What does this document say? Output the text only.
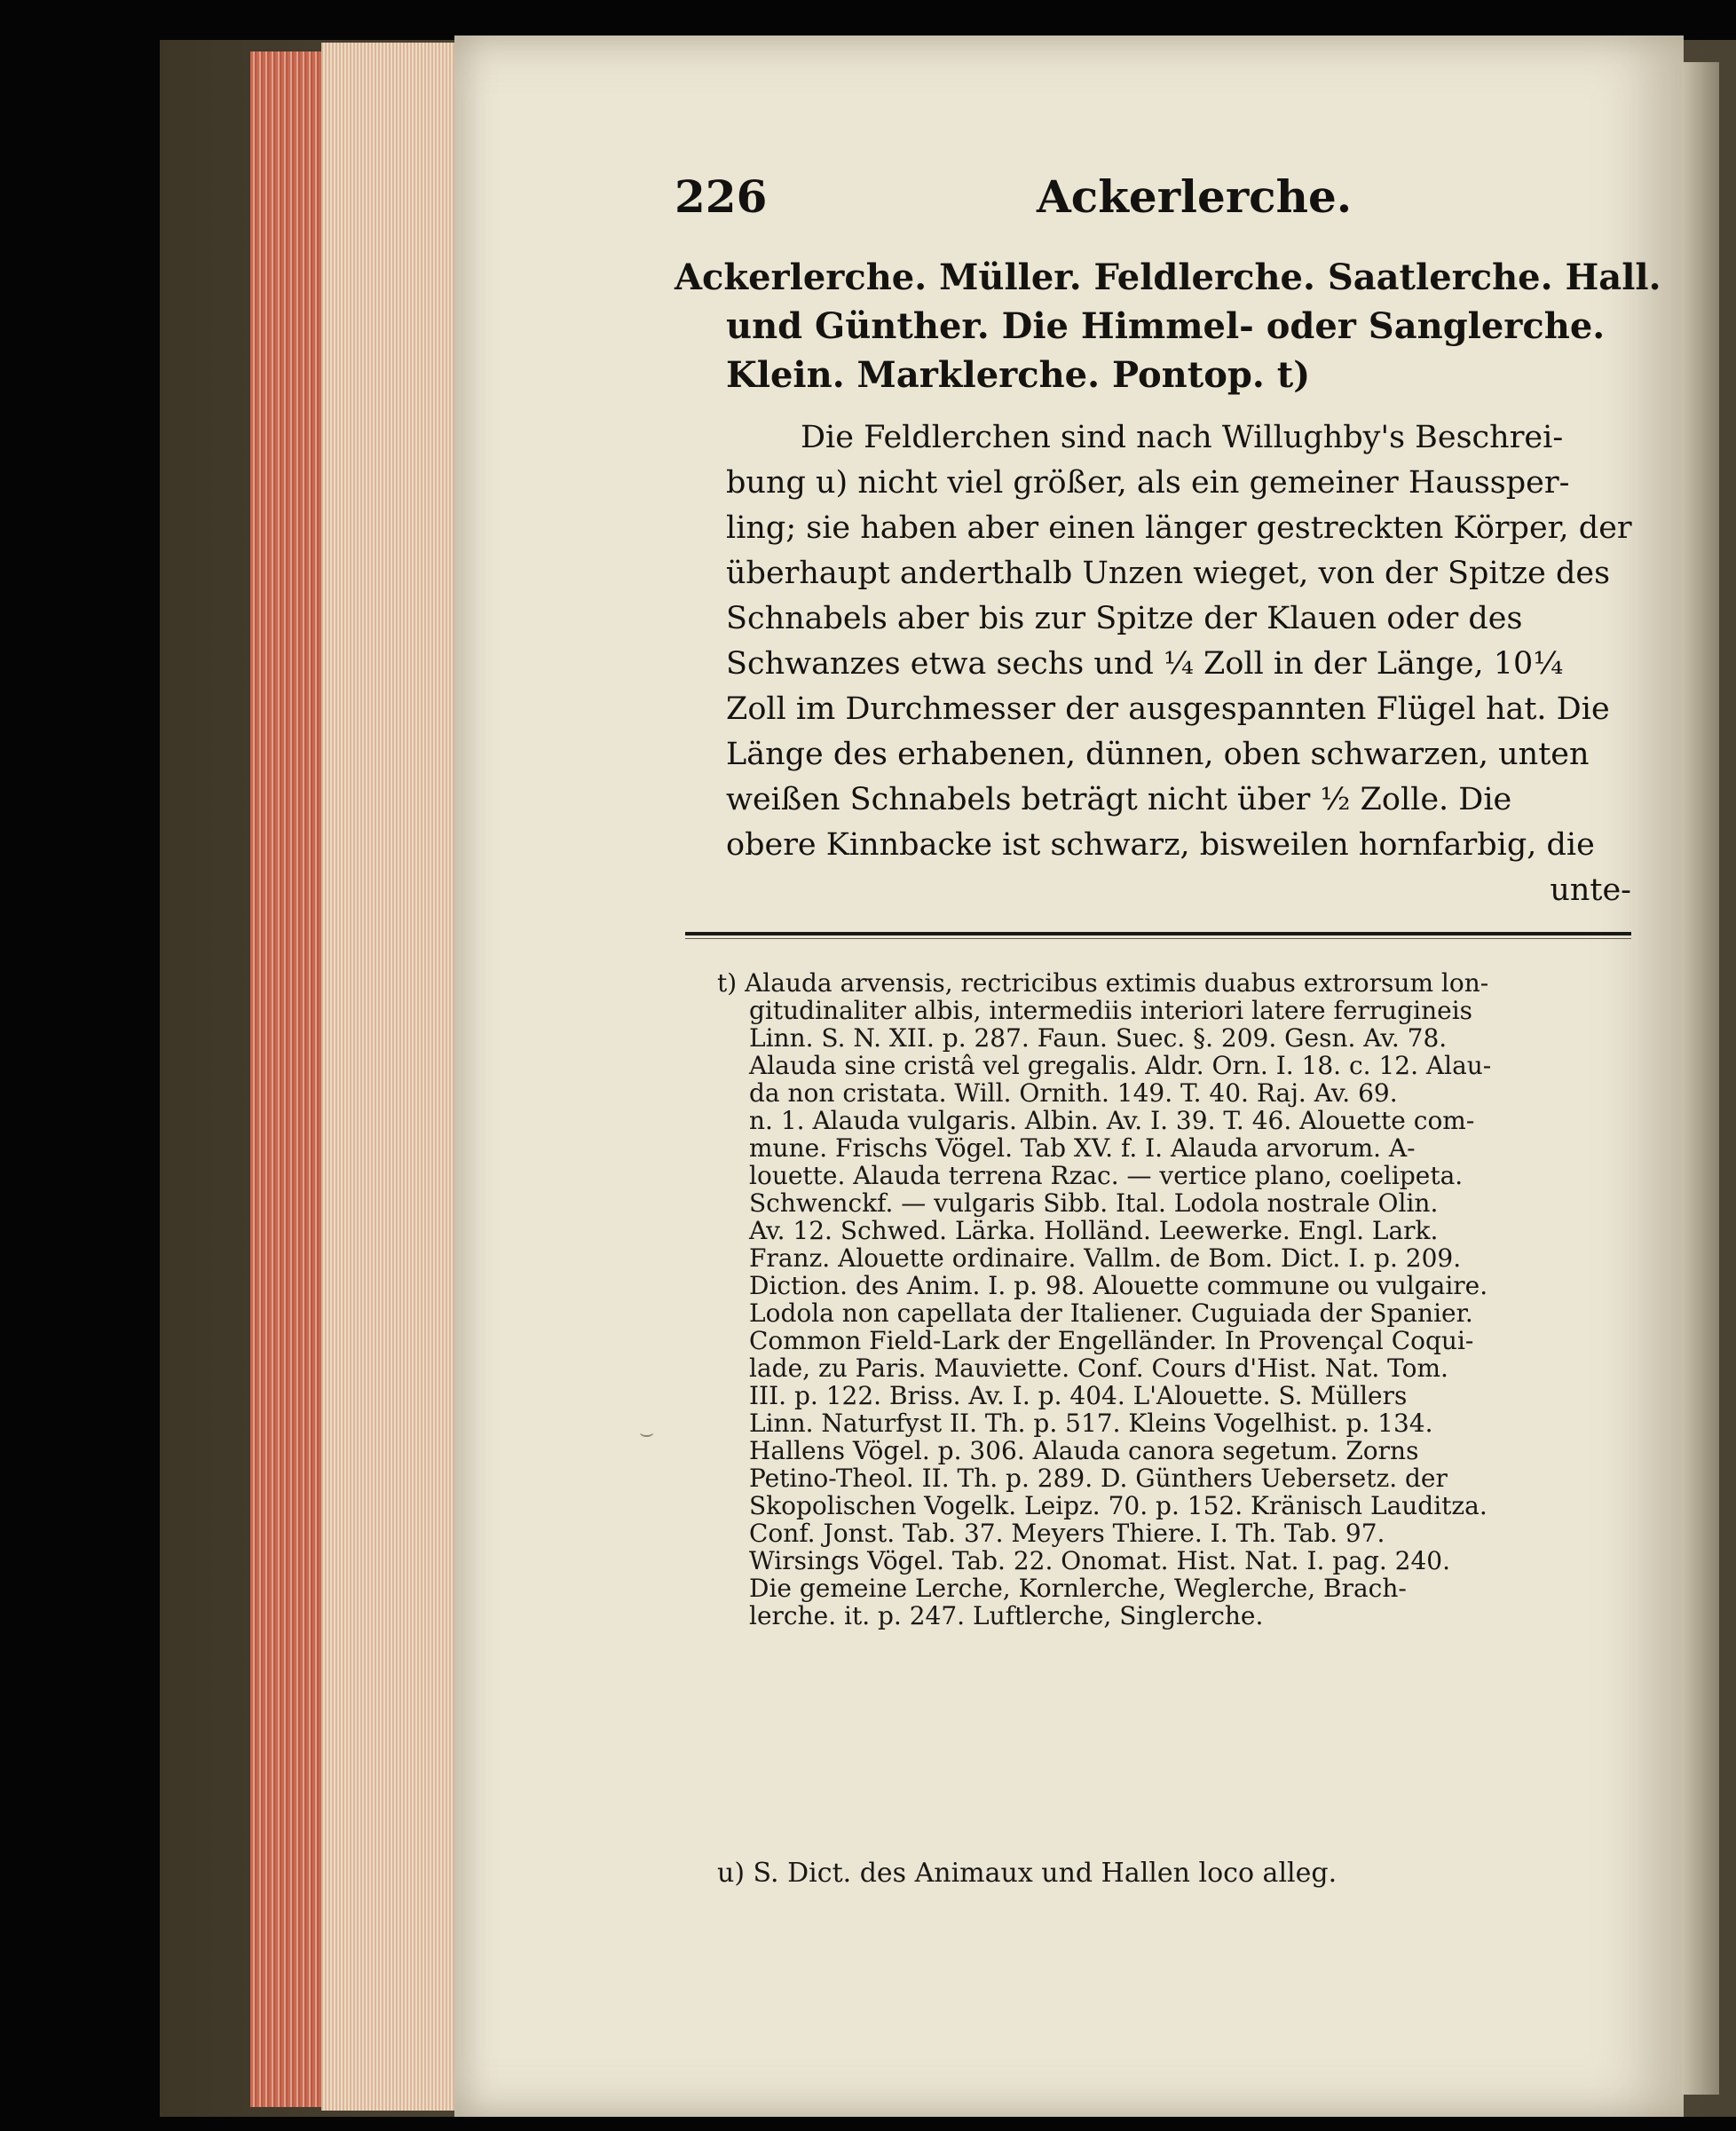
226	Ackerlerche.
Ackerlerche. Müller. Feldlerche. Saatlerche. Hall.
und Günther. Die Himmel- oder Sanglerche.
Klein. Marklerche. Pontop. t)
Die Feldlerchen sind nach Willughby's Beschrei-
bung u) nicht viel größer, als ein gemeiner Haussper-
ling; sie haben aber einen länger gestreckten Körper, der
überhaupt anderthalb Unzen wieget, von der Spitze des
Schnabels aber bis zur Spitze der Klauen oder des
Schwanzes etwa sechs und ¼ Zoll in der Länge, 10¼
Zoll im Durchmesser der ausgespannten Flügel hat. Die
Länge des erhabenen, dünnen, oben schwarzen, unten
weißen Schnabels beträgt nicht über ½ Zolle. Die
obere Kinnbacke ist schwarz, bisweilen hornfarbig, die
unte-
t) Alauda arvensis, rectricibus extimis duabus extrorsum lon-
gitudinaliter albis, intermediis interiori latere ferrugineis
Linn. S. N. XII. p. 287. Faun. Suec. §. 209. Gesn. Av. 78.
Alauda sine cristâ vel gregalis. Aldr. Orn. I. 18. c. 12. Alau-
da non cristata. Will. Ornith. 149. T. 40. Raj. Av. 69.
n. 1. Alauda vulgaris. Albin. Av. I. 39. T. 46. Alouette com-
mune. Frischs Vögel. Tab XV. f. I. Alauda arvorum. A-
louette. Alauda terrena Rzac. — vertice plano, coelipeta.
Schwenckf. — vulgaris Sibb. Ital. Lodola nostrale Olin.
Av. 12. Schwed. Lärka. Holländ. Leewerke. Engl. Lark.
Franz. Alouette ordinaire. Vallm. de Bom. Dict. I. p. 209.
Diction. des Anim. I. p. 98. Alouette commune ou vulgaire.
Lodola non capellata der Italiener. Cuguiada der Spanier.
Common Field-Lark der Engelländer. In Provençal Coqui-
lade, zu Paris. Mauviette. Conf. Cours d'Hist. Nat. Tom.
III. p. 122. Briss. Av. I. p. 404. L'Alouette. S. Müllers
Linn. Naturfyst II. Th. p. 517. Kleins Vogelhist. p. 134.
Hallens Vögel. p. 306. Alauda canora segetum. Zorns
Petino-Theol. II. Th. p. 289. D. Günthers Uebersetz. der
Skopolischen Vogelk. Leipz. 70. p. 152. Kränisch Lauditza.
Conf. Jonst. Tab. 37. Meyers Thiere. I. Th. Tab. 97.
Wirsings Vögel. Tab. 22. Onomat. Hist. Nat. I. pag. 240.
Die gemeine Lerche, Kornlerche, Weglerche, Brach-
lerche. it. p. 247. Luftlerche, Singlerche.
u) S. Dict. des Animaux und Hallen loco alleg.
⌣
